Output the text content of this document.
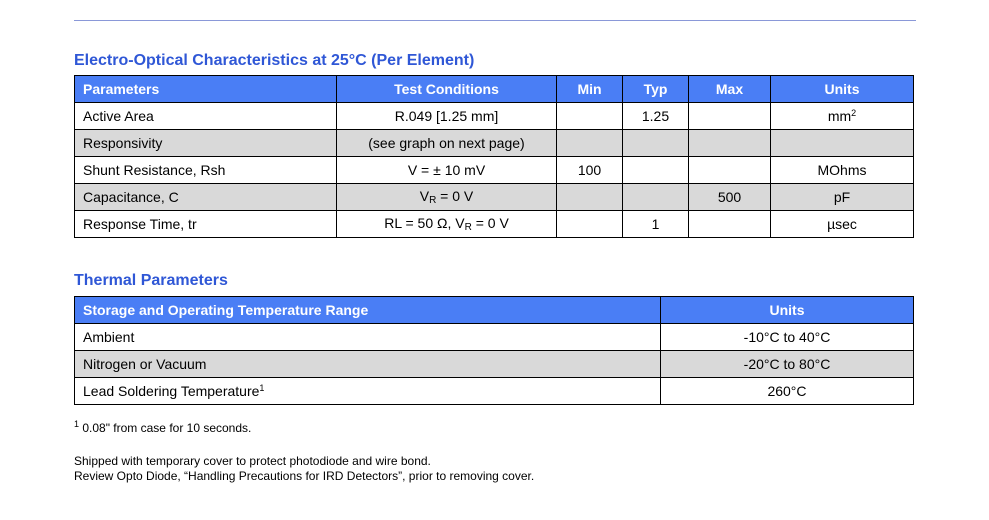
Electro-Optical Characteristics at 25°C (Per Element)
Parameters	Test Conditions	Min	Typ	Max	Units
Active Area	R.049 [1.25 mm]		1.25		$mm^2$
Responsivity	(see graph on next page)				
Shunt Resistance, Rsh	V = ± 10 mV	100			MOhms
Capacitance, C	$V_R = 0$ V			500	pF
Response Time, tr	RL = 50 Ω, $V_R = 0$ V		1		µsec
Thermal Parameters
Storage and Operating Temperature Range	Units
Ambient	-10°C to 40°C
Nitrogen or Vacuum	-20°C to 80°C
Lead Soldering Temperature$^1$	260°C

$^1$ 0.08" from case for 10 seconds.

Shipped with temporary cover to protect photodiode and wire bond.

Review Opto Diode, “Handling Precautions for IRD Detectors”, prior to removing cover.
